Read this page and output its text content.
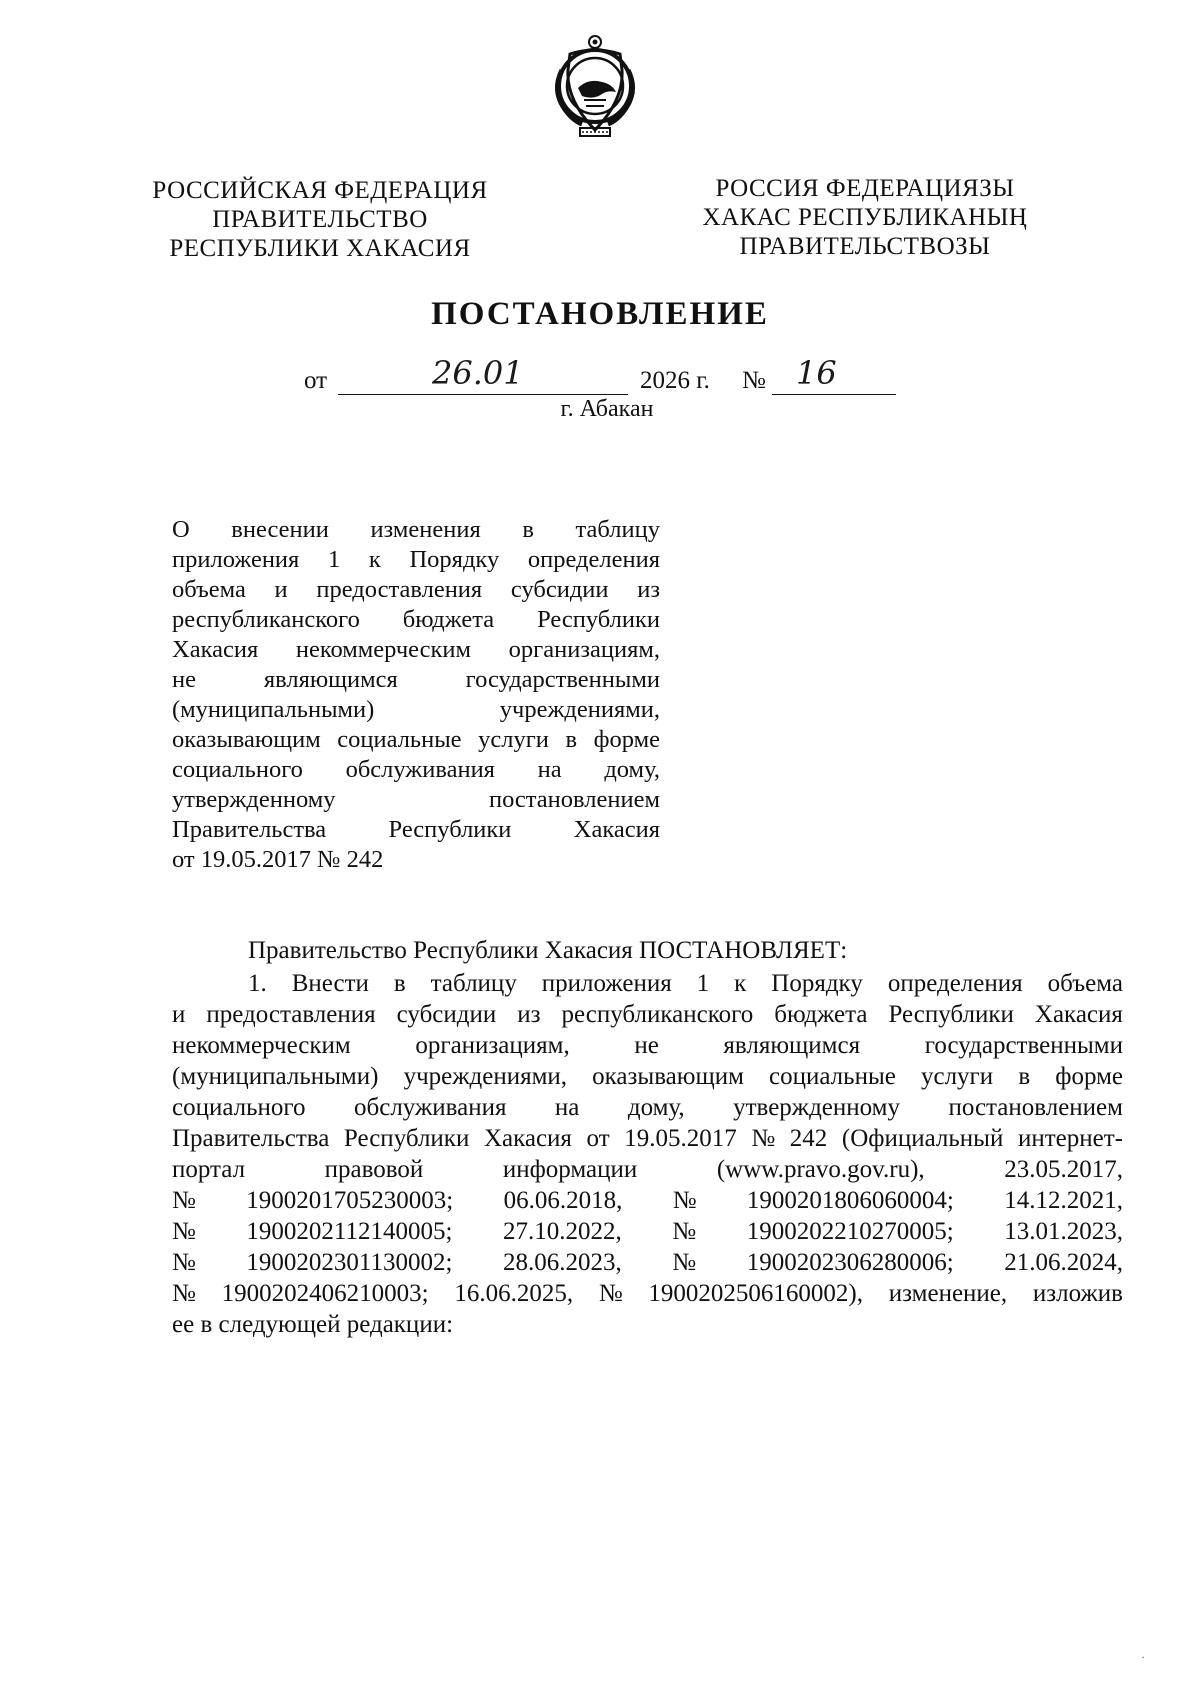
РОССИЙСКАЯ ФЕДЕРАЦИЯ
ПРАВИТЕЛЬСТВО
РЕСПУБЛИКИ ХАКАСИЯ
РОССИЯ ФЕДЕРАЦИЯЗЫ
ХАКАС РЕСПУБЛИКАНЫҢ
ПРАВИТЕЛЬСТВОЗЫ
ПОСТАНОВЛЕНИЕ
от	26.01	2026 г. № 16
г. Абакан
О внесении изменения в таблицу
приложения 1 к Порядку определения
объема и предоставления субсидии из
республиканского бюджета Республики
Хакасия некоммерческим организациям,
не	являющимся	государственными
(муниципальными)	учреждениями,
оказывающим социальные услуги в форме
социального обслуживания на дому,
утвержденному	постановлением
Правительства	Республики	Хакасия
от 19.05.2017 № 242
Правительство Республики Хакасия ПОСТАНОВЛЯЕТ:
1. Внести в таблицу приложения 1 к Порядку определения объема
и предоставления субсидии из республиканского бюджета Республики Хакасия
некоммерческим	организациям,	не	являющимся	государственными
(муниципальными) учреждениями, оказывающим социальные услуги в форме
социального обслуживания на дому, утвержденному постановлением
Правительства Республики Хакасия от 19.05.2017 № 242 (Официальный интернет-
портал	правовой	информации	(www.pravo.gov.ru),	23.05.2017,
№ 1900201705230003; 06.06.2018, № 1900201806060004; 14.12.2021,
№ 1900202112140005; 27.10.2022, № 1900202210270005; 13.01.2023,
№ 1900202301130002; 28.06.2023, № 1900202306280006; 21.06.2024,
№ 1900202406210003; 16.06.2025, № 1900202506160002), изменение, изложив
ее в следующей редакции:
·
